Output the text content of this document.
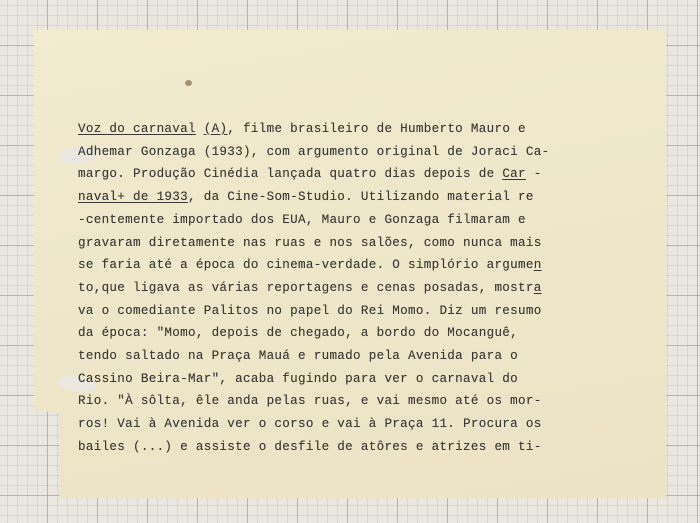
Voz do carnaval (A), filme brasileiro de Humberto Mauro e
Adhemar Gonzaga (1933), com argumento original de Joraci Ca-
margo. Produção Cinédia lançada quatro dias depois de Car -
naval+ de 1933, da Cine-Som-Studio. Utilizando material re
-centemente importado dos EUA, Mauro e Gonzaga filmaram e
gravaram diretamente nas ruas e nos salões, como nunca mais
se faria até a época do cinema-verdade. O simplório argumen
to,que ligava as várias reportagens e cenas posadas, mostra
va o comediante Palitos no papel do Rei Momo. Diz um resumo
da época: "Momo, depois de chegado, a bordo do Mocanguê,
tendo saltado na Praça Mauá e rumado pela Avenida para o
Cassino Beira-Mar", acaba fugindo para ver o carnaval do
Rio. "À sôlta, êle anda pelas ruas, e vai mesmo até os mor-
ros! Vai à Avenida ver o corso e vai à Praça 11. Procura os
bailes (...) e assiste o desfile de atôres e atrizes em ti-
